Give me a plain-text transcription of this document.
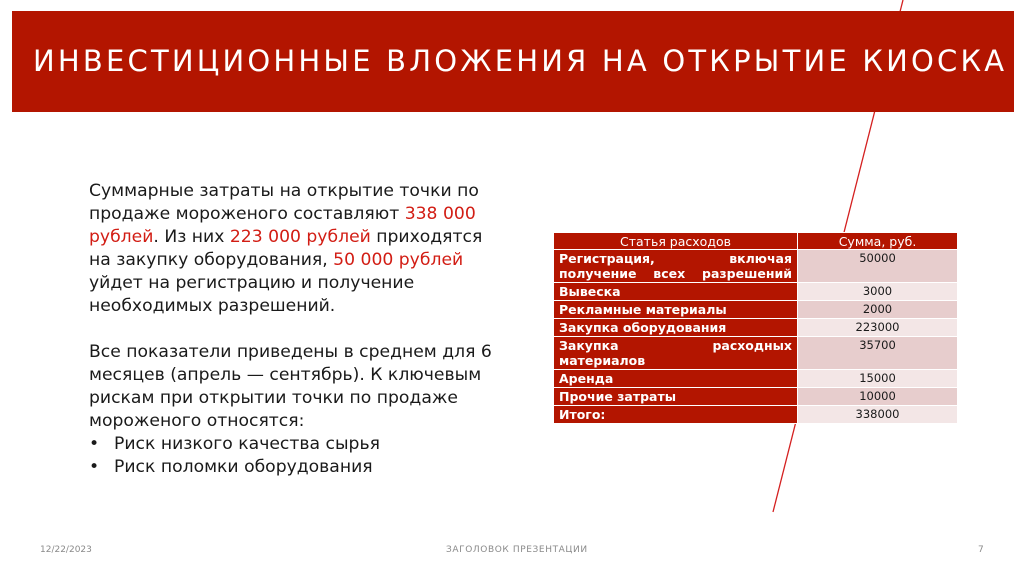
ИНВЕСТИЦИОННЫЕ ВЛОЖЕНИЯ НА ОТКРЫТИЕ КИОСКА

Суммарные затраты на открытие точки по продаже мороженого составляют 338 000 рублей. Из них 223 000 рублей приходятся на закупку оборудования, 50 000 рублей уйдет на регистрацию и получение необходимых разрешений.

Все показатели приведены в среднем для 6 месяцев (апрель — сентябрь). К ключевым рискам при открытии точки по продаже мороженого относятся:

• Риск низкого качества сырья
• Риск поломки оборудования
Статья расходов	Сумма, руб.
Регистрация, включая получение всех разрешений	50000
Вывеска	3000
Рекламные материалы	2000
Закупка оборудования	223000
Закупка расходных материалов	35700
Аренда	15000
Прочие затраты	10000
Итого:	338000
12/22/2023	ЗАГОЛОВОК ПРЕЗЕНТАЦИИ	7
